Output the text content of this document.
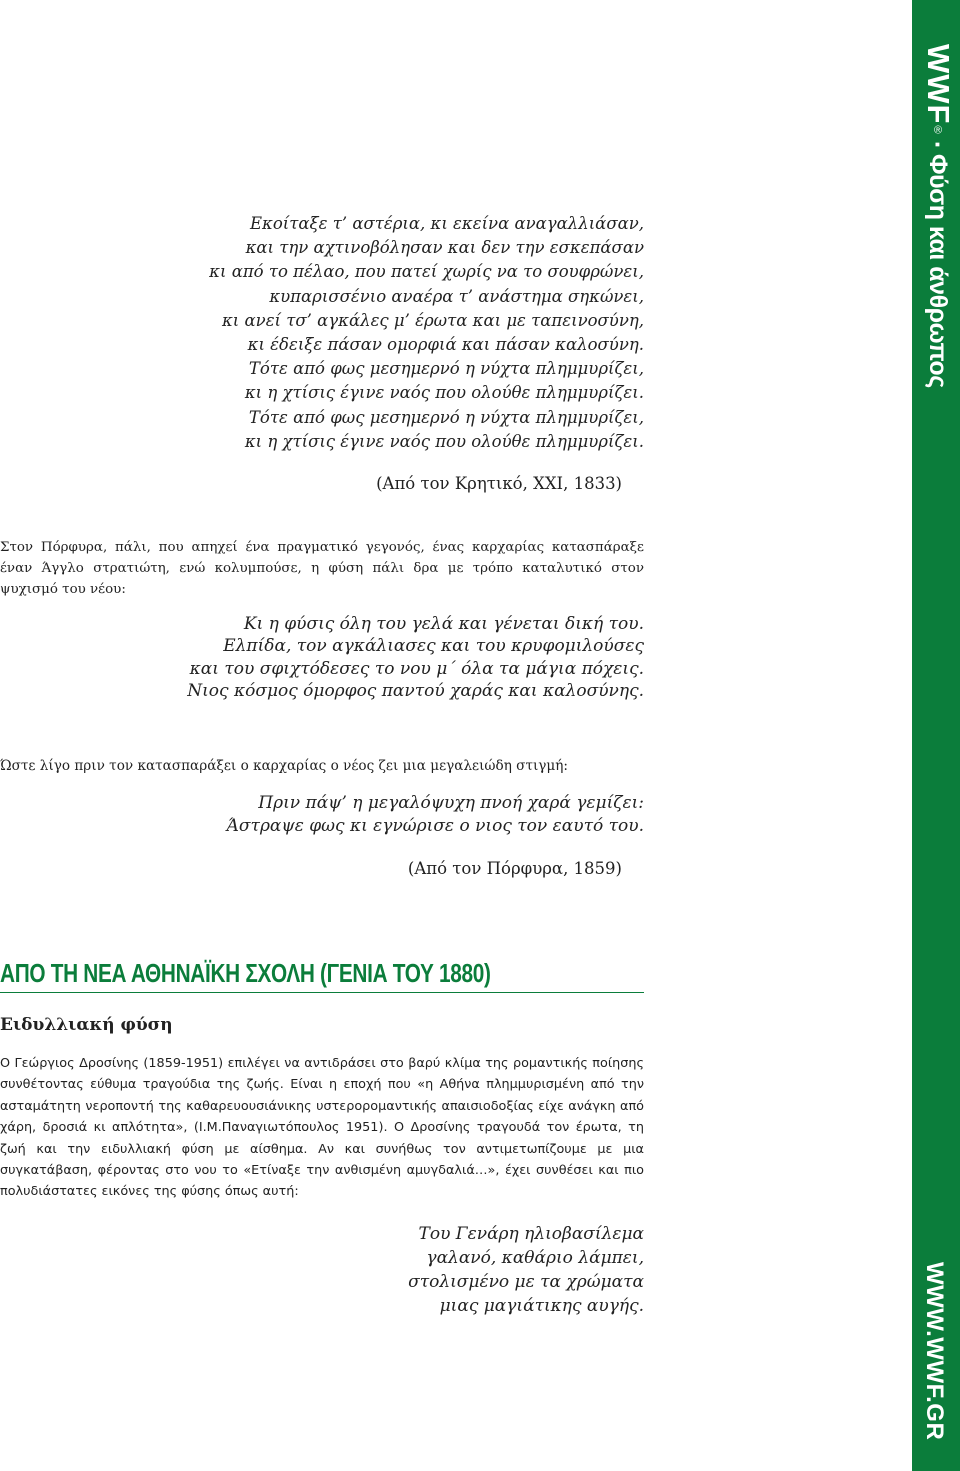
Εκοίταξε τ’ αστέρια, κι εκείνα αναγαλλιάσαν,
και την αχτινοβόλησαν και δεν την εσκεπάσαν
κι από το πέλαο, που πατεί χωρίς να το σουφρώνει,
κυπαρισσένιο αναέρα τ’ ανάστημα σηκώνει,
κι ανεί τσ’ αγκάλες μ’ έρωτα και με ταπεινοσύνη,
κι έδειξε πάσαν ομορφιά και πάσαν καλοσύνη.
Τότε από φως μεσημερνό η νύχτα πλημμυρίζει,
κι η χτίσις έγινε ναός που ολούθε πλημμυρίζει.
Τότε από φως μεσημερνό η νύχτα πλημμυρίζει,
κι η χτίσις έγινε ναός που ολούθε πλημμυρίζει.
(Από τον Κρητικό, XXI, 1833)

Στον Πόρφυρα, πάλι, που απηχεί ένα πραγματικό γεγονός, ένας καρχαρίας κατασπάραξε έναν Άγγλο στρατιώτη, ενώ κολυμπούσε, η φύση πάλι δρα με τρόπο καταλυτικό στον ψυχισμό του νέου:

Κι η φύσις όλη του γελά και γένεται δική του.
Ελπίδα, τον αγκάλιασες και του κρυφομιλούσες
και του σφιχτόδεσες το νου μ΄ όλα τα μάγια πόχεις.
Νιος κόσμος όμορφος παντού χαράς και καλοσύνης.

Ώστε λίγο πριν τον κατασπαράξει ο καρχαρίας ο νέος ζει μια μεγαλειώδη στιγμή:

Πριν πάψ’ η μεγαλόψυχη πνοή χαρά γεμίζει:
Άστραψε φως κι εγνώρισε ο νιος τον εαυτό του.
(Από τον Πόρφυρα, 1859)
ΑΠΟ ΤΗ ΝΕΑ ΑΘΗΝΑΪΚΗ ΣΧΟΛΗ (ΓΕΝΙΑ ΤΟΥ 1880)
Ειδυλλιακή φύση

Ο Γεώργιος Δροσίνης (1859-1951) επιλέγει να αντιδράσει στο βαρύ κλίμα της ρομαντικής ποίησης συνθέτοντας εύθυμα τραγούδια της ζωής. Είναι η εποχή που «η Αθήνα πλημμυρισμένη από την ασταμάτητη νεροποντή της καθαρευουσιάνικης υστερορομαντικής απαισιοδοξίας είχε ανάγκη από χάρη, δροσιά κι απλότητα», (Ι.Μ.Παναγιωτόπουλος 1951). Ο Δροσίνης τραγουδά τον έρωτα, τη ζωή και την ειδυλλιακή φύση με αίσθημα. Αν και συνήθως τον αντιμετωπίζουμε με μια συγκατάβαση, φέροντας στο νου το «Ετίναξε την ανθισμένη αμυγδαλιά…», έχει συνθέσει και πιο πολυδιάστατες εικόνες της φύσης όπως αυτή:

Του Γενάρη ηλιοβασίλεμα
γαλανό, καθάριο λάμπει,
στολισμένο με τα χρώματα
μιας μαγιάτικης αυγής.
WWF® · Φύση και άνθρωπος
WWW.WWF.GR
